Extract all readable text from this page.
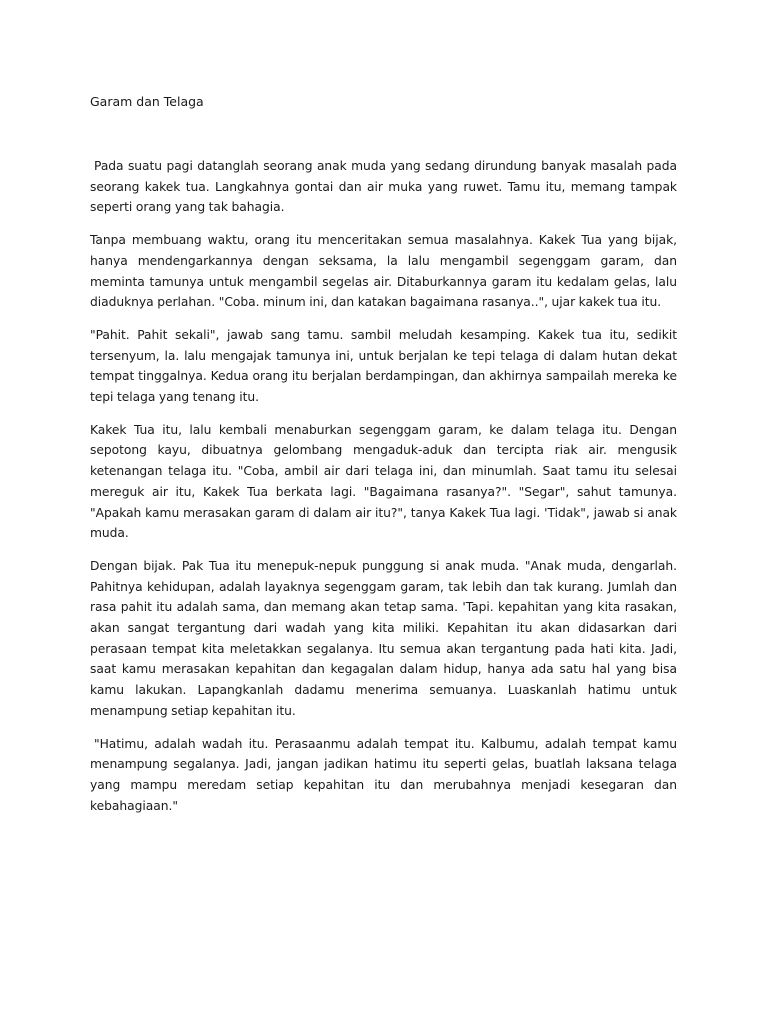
Garam dan Telaga

Pada suatu pagi datanglah seorang anak muda yang sedang dirundung banyak masalah pada seorang kakek tua. Langkahnya gontai dan air muka yang ruwet. Tamu itu, memang tampak seperti orang yang tak bahagia.

Tanpa membuang waktu, orang itu menceritakan semua masalahnya. Kakek Tua yang bijak, hanya mendengarkannya dengan seksama, la lalu mengambil segenggam garam, dan meminta tamunya untuk mengambil segelas air. Ditaburkannya garam itu kedalam gelas, lalu diaduknya perlahan. "Coba. minum ini, dan katakan bagaimana rasanya..", ujar kakek tua itu.

"Pahit. Pahit sekali", jawab sang tamu. sambil meludah kesamping. Kakek tua itu, sedikit tersenyum, la. lalu mengajak tamunya ini, untuk berjalan ke tepi telaga di dalam hutan dekat tempat tinggalnya. Kedua orang itu berjalan berdampingan, dan akhirnya sampailah mereka ke tepi telaga yang tenang itu.

Kakek Tua itu, lalu kembali menaburkan segenggam garam, ke dalam telaga itu. Dengan sepotong kayu, dibuatnya gelombang mengaduk-aduk dan tercipta riak air. mengusik ketenangan telaga itu. "Coba, ambil air dari telaga ini, dan minumlah. Saat tamu itu selesai mereguk air itu, Kakek Tua berkata lagi. "Bagaimana rasanya?". "Segar", sahut tamunya. "Apakah kamu merasakan garam di dalam air itu?", tanya Kakek Tua lagi. 'Tidak", jawab si anak muda.

Dengan bijak. Pak Tua itu menepuk-nepuk punggung si anak muda. "Anak muda, dengarlah. Pahitnya kehidupan, adalah layaknya segenggam garam, tak lebih dan tak kurang. Jumlah dan rasa pahit itu adalah sama, dan memang akan tetap sama. 'Tapi. kepahitan yang kita rasakan, akan sangat tergantung dari wadah yang kita miliki. Kepahitan itu akan didasarkan dari perasaan tempat kita meletakkan segalanya. Itu semua akan tergantung pada hati kita. Jadi, saat kamu merasakan kepahitan dan kegagalan dalam hidup, hanya ada satu hal yang bisa kamu lakukan. Lapangkanlah dadamu menerima semuanya. Luaskanlah hatimu untuk menampung setiap kepahitan itu.

"Hatimu, adalah wadah itu. Perasaanmu adalah tempat itu. Kalbumu, adalah tempat kamu menampung segalanya. Jadi, jangan jadikan hatimu itu seperti gelas, buatlah laksana telaga yang mampu meredam setiap kepahitan itu dan merubahnya menjadi kesegaran dan kebahagiaan."
